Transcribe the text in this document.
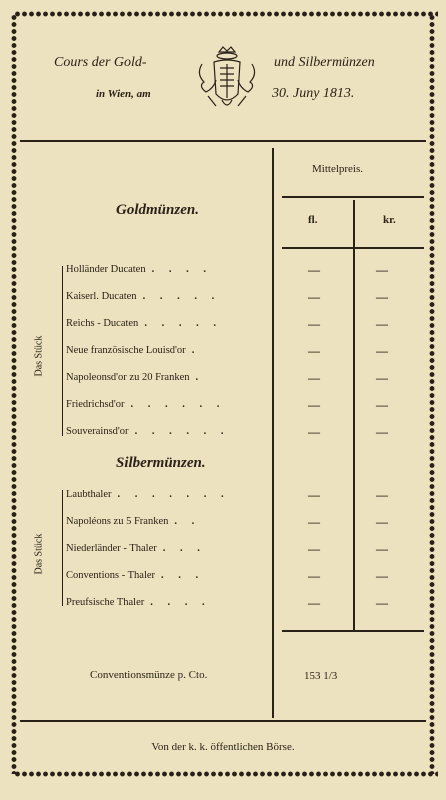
Cours der Gold-	und Silbermünzen
in Wien, am	30. Juny 1813.
Mittelpreis.
fl.	kr.
Goldmünzen.
Silbermünzen.
Das Stück
Das Stück
Holländer Ducaten . . . .	—	—
Kaiserl. Ducaten . . . . .	—	—
Reichs - Ducaten . . . . .	—	—
Neue französische Louisd'or .	—	—
Napoleonsd'or zu 20 Franken .	—	—
Friedrichsd'or . . . . . .	—	—
Souverainsd'or . . . . . .	—	—
Laubthaler . . . . . . .	—	—
Napoléons zu 5 Franken . .	—	—
Niederländer - Thaler . . .	—	—
Conventions - Thaler . . .	—	—
Preufsische Thaler . . . .	—	—
Conventionsmünze p. Cto.	153 1/3
Von der k. k. öffentlichen Börse.
